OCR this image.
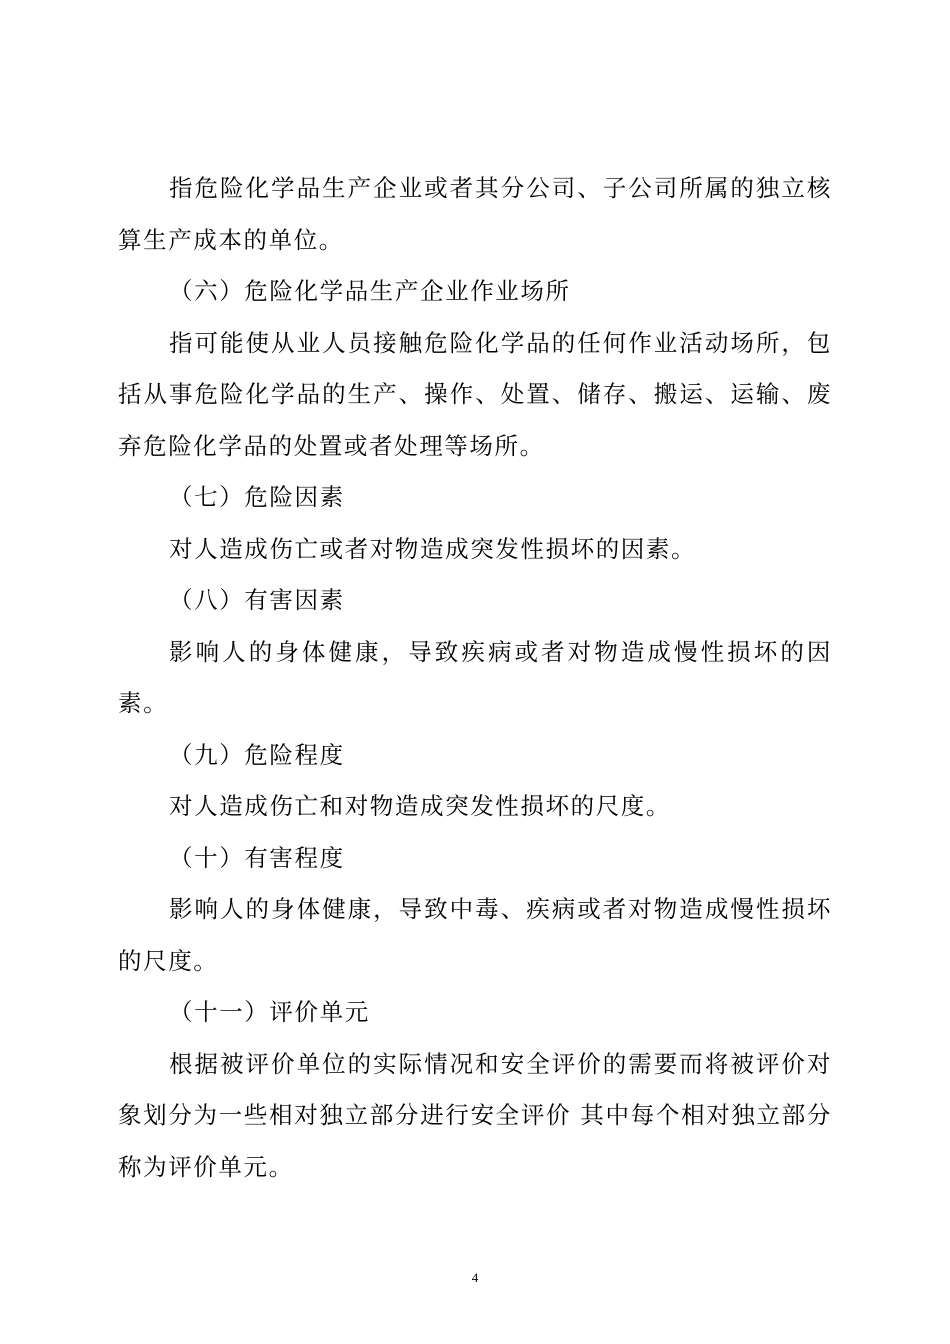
指危险化学品生产企业或者其分公司、子公司所属的独立核算生产成本的单位。

（六）危险化学品生产企业作业场所

指可能使从业人员接触危险化学品的任何作业活动场所，包括从事危险化学品的生产、操作、处置、储存、搬运、运输、废弃危险化学品的处置或者处理等场所。

（七）危险因素

对人造成伤亡或者对物造成突发性损坏的因素。

（八）有害因素

影响人的身体健康，导致疾病或者对物造成慢性损坏的因素。

（九）危险程度

对人造成伤亡和对物造成突发性损坏的尺度。

（十）有害程度

影响人的身体健康，导致中毒、疾病或者对物造成慢性损坏的尺度。

（十一）评价单元

根据被评价单位的实际情况和安全评价的需要而将被评价对象划分为一些相对独立部分进行安全评价 其中每个相对独立部分称为评价单元。

4
